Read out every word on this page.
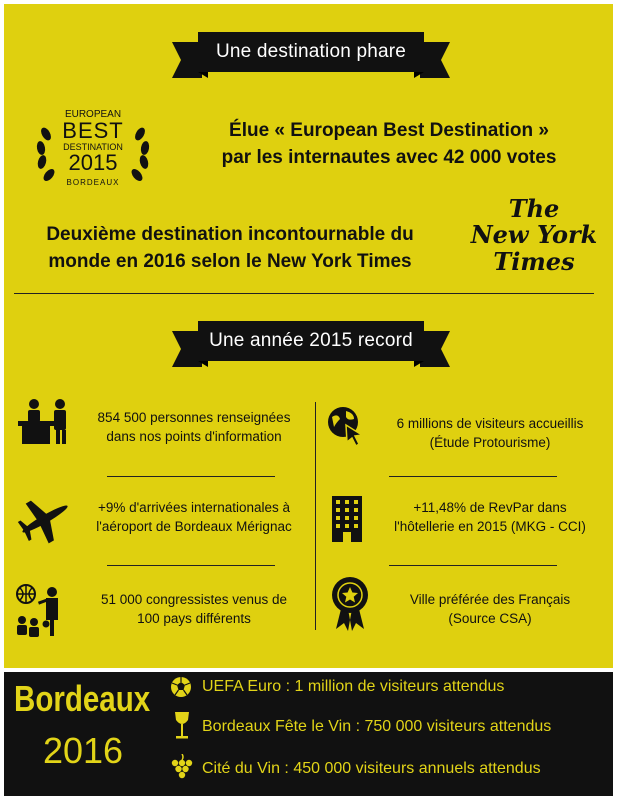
Une destination phare
EUROPEAN
BEST
DESTINATION
2015
BORDEAUX
Élue « European Best Destination »
par les internautes avec 42 000 votes
Deuxième destination incontournable du
monde en 2016 selon le New York Times
The
New York
Times
Une année 2015 record
854 500 personnes renseignées
dans nos points d'information
6 millions de visiteurs accueillis
(Étude Protourisme)
+9% d'arrivées internationales à
l'aéroport de Bordeaux Mérignac
+11,48% de RevPar dans
l'hôtellerie en 2015 (MKG - CCI)
51 000 congressistes venus de
100 pays différents
Ville préférée des Français
(Source CSA)
Bordeaux
2016
UEFA Euro : 1 million de visiteurs attendus
Bordeaux Fête le Vin : 750 000 visiteurs attendus
Cité du Vin : 450 000 visiteurs annuels attendus
